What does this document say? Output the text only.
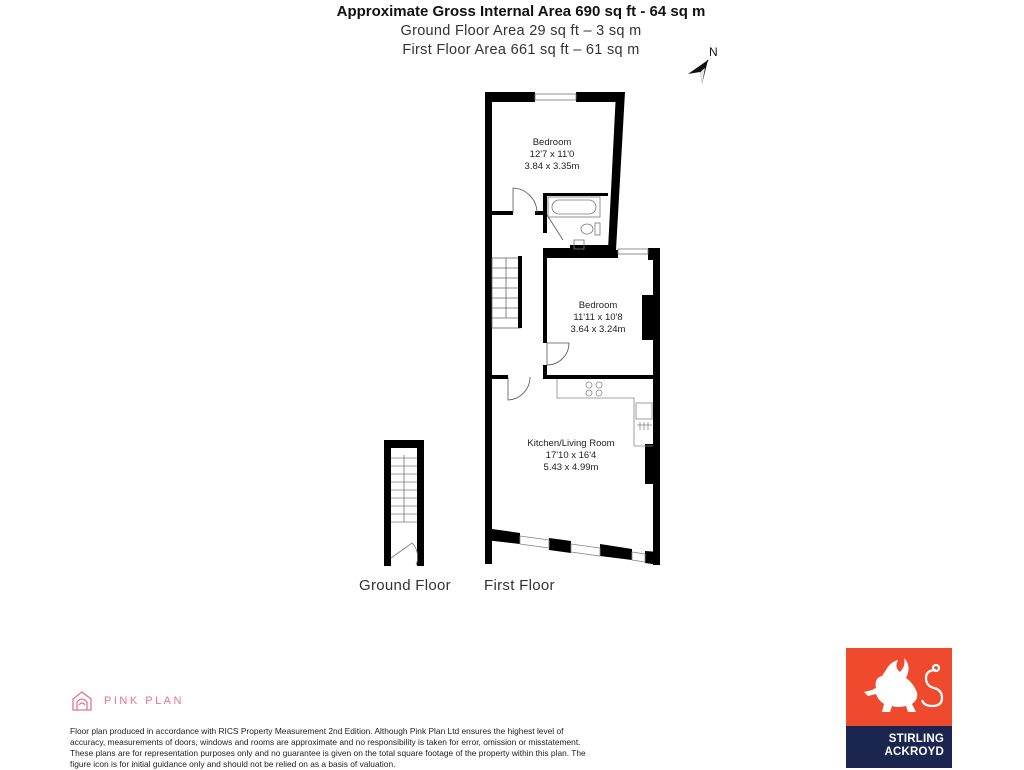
Approximate Gross Internal Area 690 sq ft - 64 sq m
Ground Floor Area 29 sq ft – 3 sq m
First Floor Area 661 sq ft – 61 sq m	N
Bedroom
12'7 x 11'0
3.84 x 3.35m
Bedroom
11'11 x 10'8
3.64 x 3.24m
Kitchen/Living Room
17'10 x 16'4
5.43 x 4.99m
Ground Floor First Floor
PINK PLAN
Floor plan produced in accordance with RICS Property Measurement 2nd Edition. Although Pink Plan Ltd ensures the highest level of accuracy, measurements of doors, windows and rooms are approximate and no responsibility is taken for error, omission or misstatement. These plans are for representation purposes only and no guarantee is given on the total square footage of the property within this plan. The figure icon is for initial guidance only and should not be relied on as a basis of valuation.
STIRLING
ACKROYD
